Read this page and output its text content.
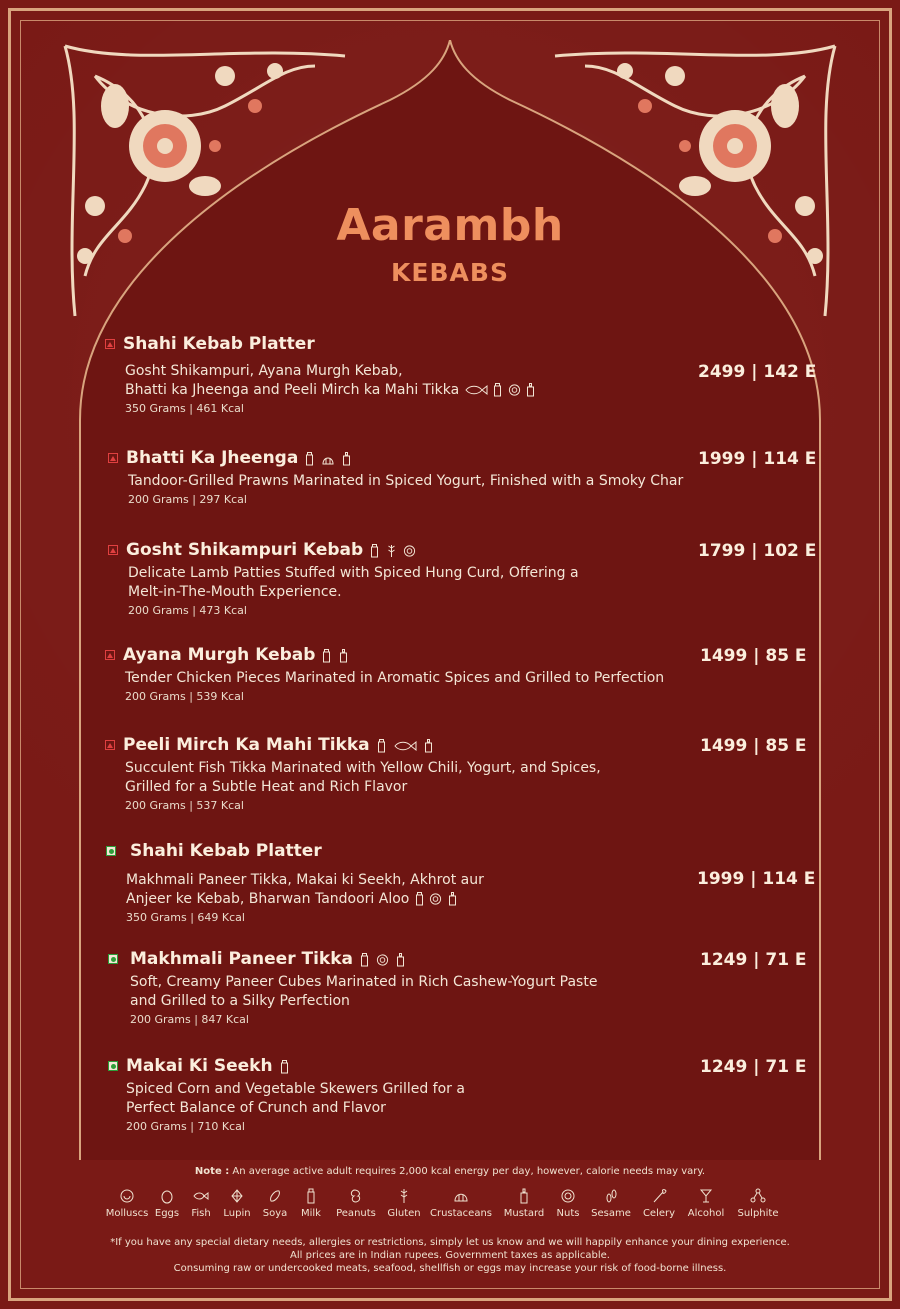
Aarambh
KEBABS
Shahi Kebab Platter
Gosht Shikampuri, Ayana Murgh Kebab,
Bhatti ka Jheenga and Peeli Mirch ka Mahi Tikka
350 Grams | 461 Kcal
2499 | 142 E
Bhatti Ka Jheenga
Tandoor-Grilled Prawns Marinated in Spiced Yogurt, Finished with a Smoky Char
200 Grams | 297 Kcal
1999 | 114 E
Gosht Shikampuri Kebab
Delicate Lamb Patties Stuffed with Spiced Hung Curd, Offering a
Melt-in-The-Mouth Experience.
200 Grams | 473 Kcal
1799 | 102 E
Ayana Murgh Kebab
Tender Chicken Pieces Marinated in Aromatic Spices and Grilled to Perfection
200 Grams | 539 Kcal
1499 | 85 E
Peeli Mirch Ka Mahi Tikka
Succulent Fish Tikka Marinated with Yellow Chili, Yogurt, and Spices,
Grilled for a Subtle Heat and Rich Flavor
200 Grams | 537 Kcal
1499 | 85 E
Shahi Kebab Platter
Makhmali Paneer Tikka, Makai ki Seekh, Akhrot aur
Anjeer ke Kebab, Bharwan Tandoori Aloo
350 Grams | 649 Kcal
1999 | 114 E
Makhmali Paneer Tikka
Soft, Creamy Paneer Cubes Marinated in Rich Cashew-Yogurt Paste
and Grilled to a Silky Perfection
200 Grams | 847 Kcal
1249 | 71 E
Makai Ki Seekh
Spiced Corn and Vegetable Skewers Grilled for a
Perfect Balance of Crunch and Flavor
200 Grams | 710 Kcal
1249 | 71 E
Note : An average active adult requires 2,000 kcal energy per day, however, calorie needs may vary.
Molluscs Eggs Fish Lupin Soya Milk Peanuts Gluten Crustaceans Mustard Nuts Sesame Celery Alcohol Sulphite
*If you have any special dietary needs, allergies or restrictions, simply let us know and we will happily enhance your dining experience.
All prices are in Indian rupees. Government taxes as applicable.
Consuming raw or undercooked meats, seafood, shellfish or eggs may increase your risk of food-borne illness.
